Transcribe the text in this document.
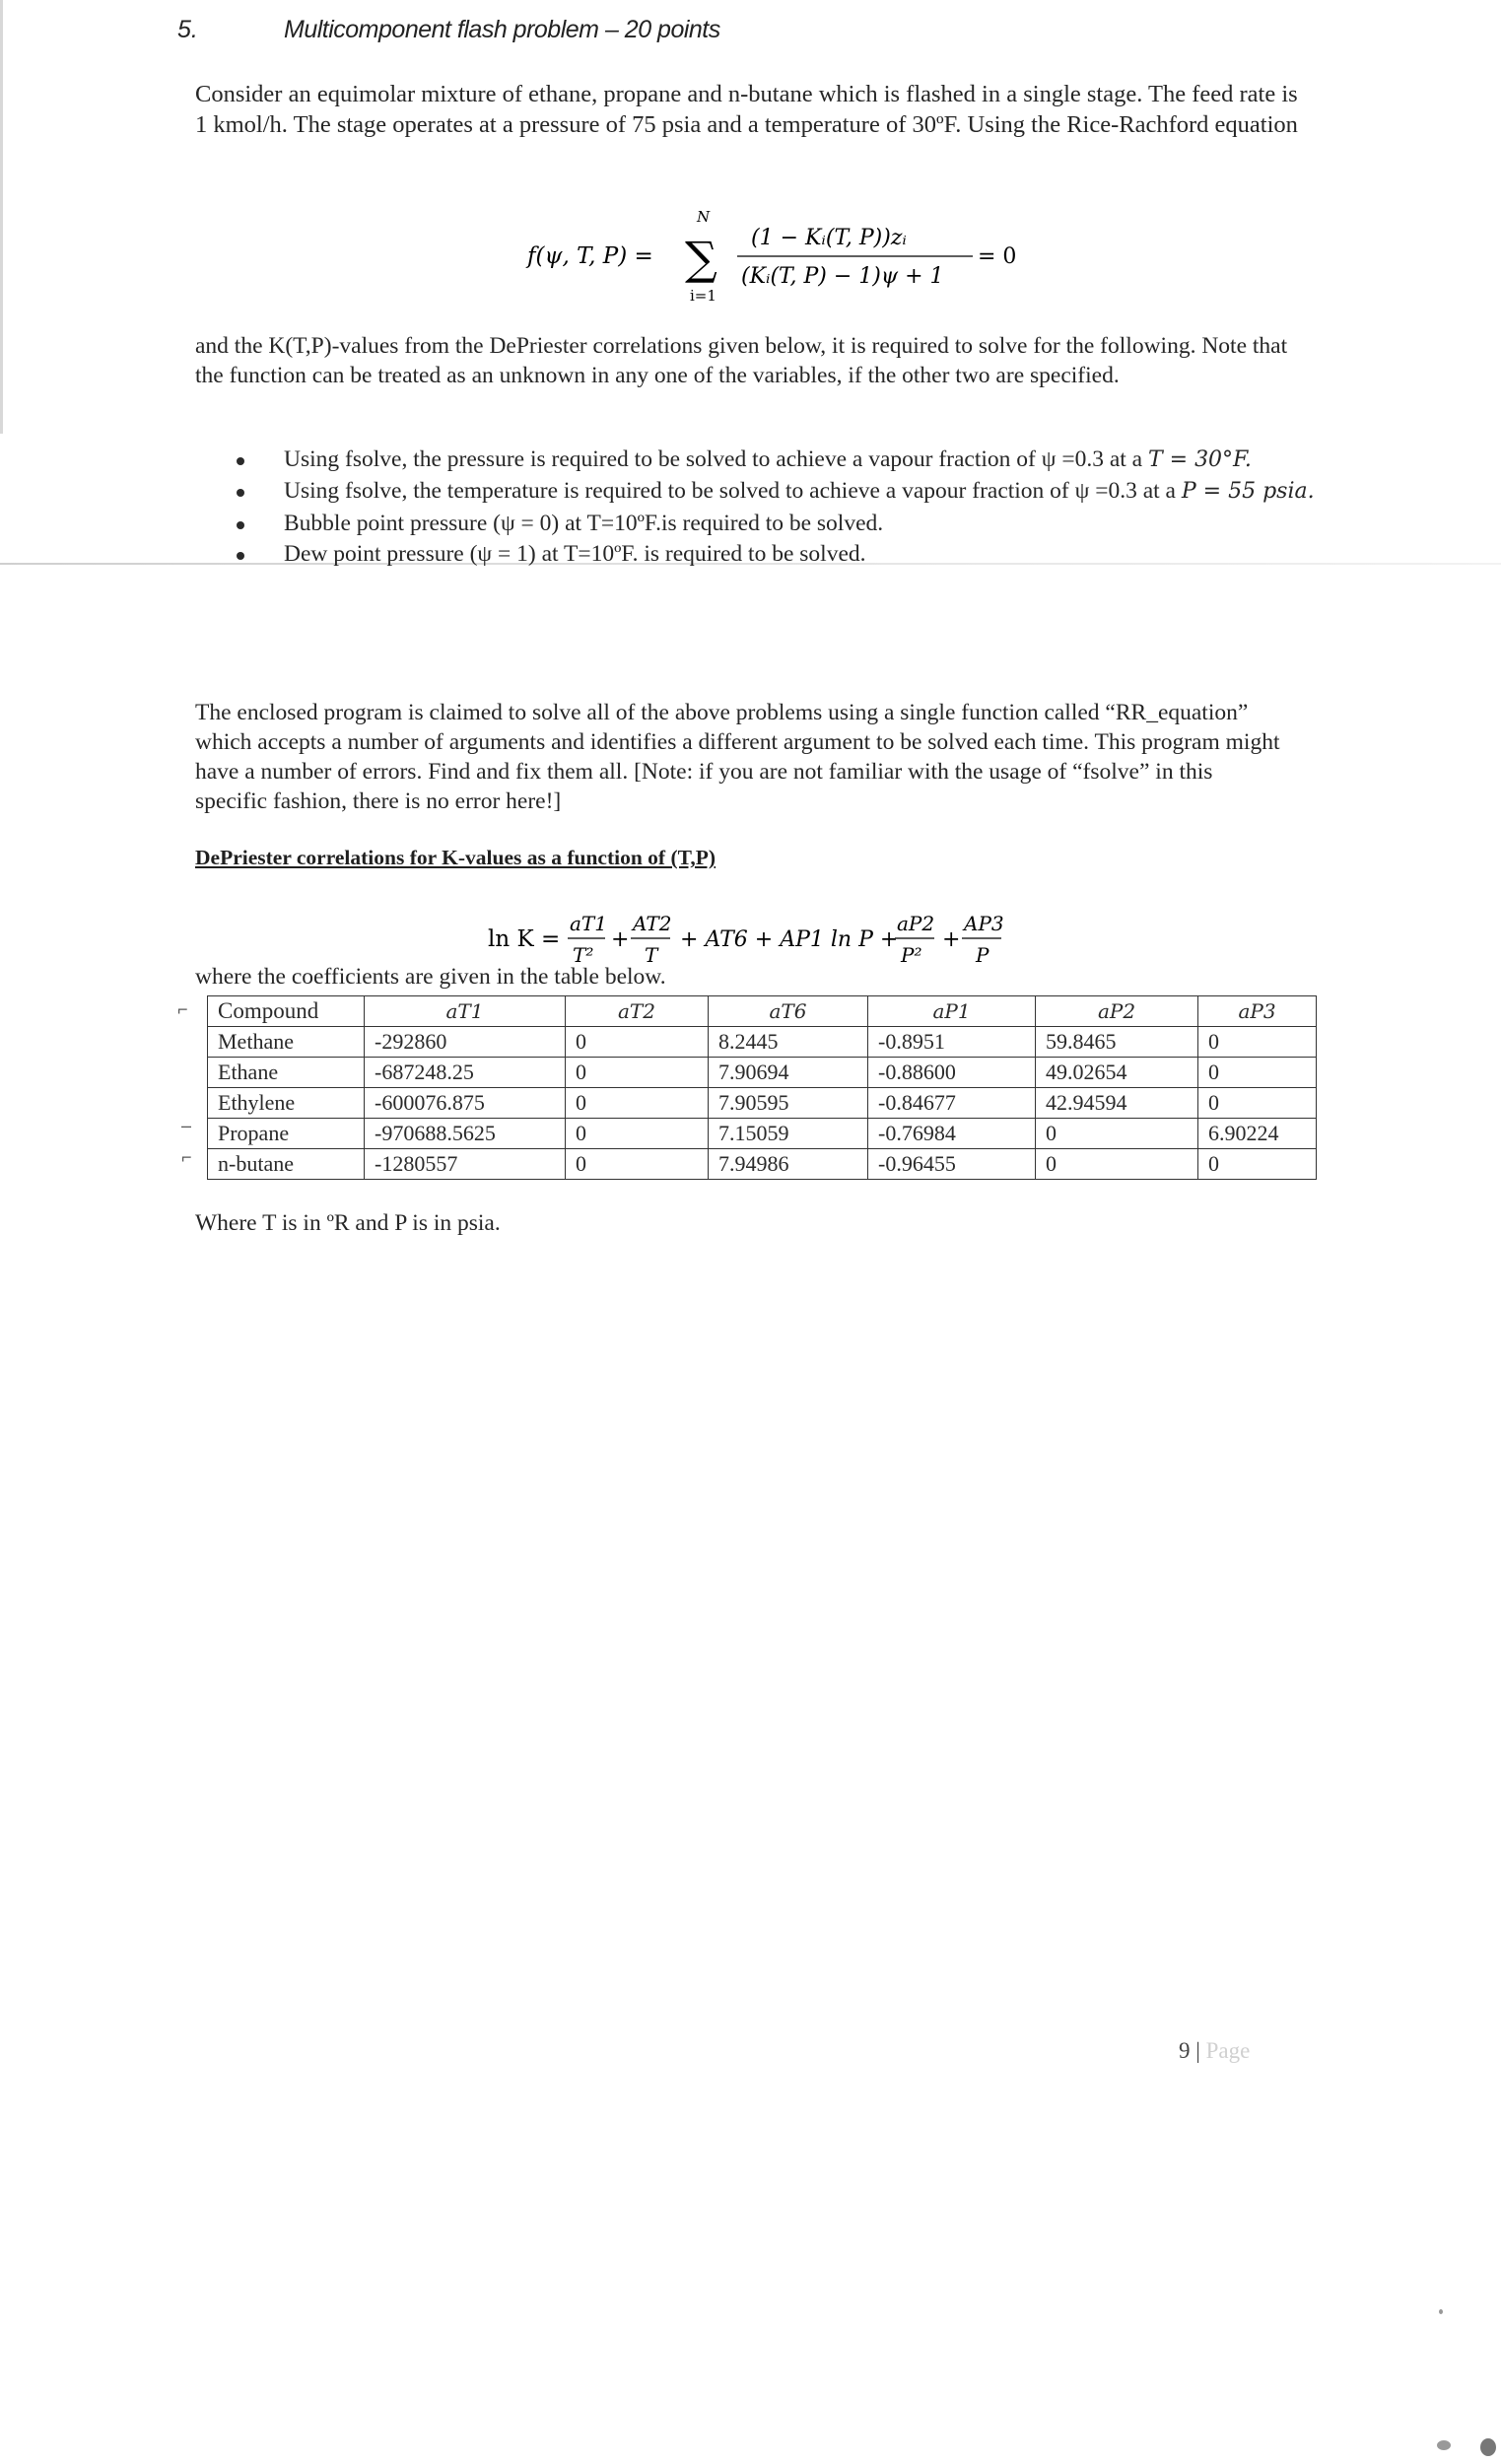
5.	Multicomponent flash problem – 20 points

Consider an equimolar mixture of ethane, propane and n-butane which is flashed in a single stage. The feed rate is 1 kmol/h. The stage operates at a pressure of 75 psia and a temperature of 30ºF. Using the Rice-Rachford equation

f(ψ, T, P) =
N
∑
i=1
(1 − Kᵢ(T, P))zᵢ
(Kᵢ(T, P) − 1)ψ + 1
= 0

and the K(T,P)-values from the DePriester correlations given below, it is required to solve for the following. Note that the function can be treated as an unknown in any one of the variables, if the other two are specified.

Using fsolve, the pressure is required to be solved to achieve a vapour fraction of ψ =0.3 at a T = 30°F.
Using fsolve, the temperature is required to be solved to achieve a vapour fraction of ψ =0.3 at a P = 55 psia.
Bubble point pressure (ψ = 0) at T=10ºF.is required to be solved.
Dew point pressure (ψ = 1) at T=10ºF. is required to be solved.

The enclosed program is claimed to solve all of the above problems using a single function called “RR_equation” which accepts a number of arguments and identifies a different argument to be solved each time. This program might have a number of errors. Find and fix them all. [Note: if you are not familiar with the usage of “fsolve” in this specific fashion, there is no error here!]

DePriester correlations for K-values as a function of (T,P)
ln K =
aT1
T²
+
AT2
T
+ AT6 + AP1 ln P +
aP2
P²
+
AP3
P
where the coefficients are given in the table below.
⌐
–
⌐
Compound	aT1	aT2	aT6	aP1	aP2	aP3
Methane	-292860	0	8.2445	-0.8951	59.8465	0
Ethane	-687248.25	0	7.90694	-0.88600	49.02654	0
Ethylene	-600076.875	0	7.90595	-0.84677	42.94594	0
Propane	-970688.5625	0	7.15059	-0.76984	0	6.90224
n-butane	-1280557	0	7.94986	-0.96455	0	0
Where T is in ºR and P is in psia.
9 | Page
